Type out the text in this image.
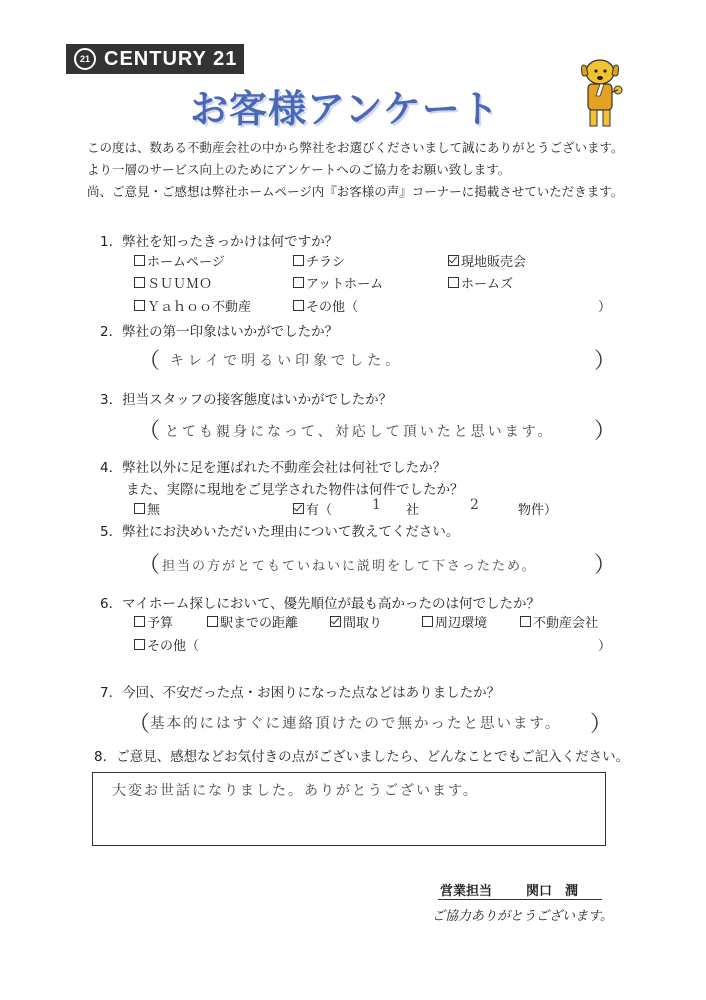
21 CENTURY 21
お客様アンケート
この度は、数ある不動産会社の中から弊社をお選びくださいまして誠にありがとうございます。
より一層のサービス向上のためにアンケートへのご協力をお願い致します。
尚、ご意見・ご感想は弊社ホームページ内『お客様の声』コーナーに掲載させていただきます。
1．弊社を知ったきっかけは何ですか？
ホームページ	チラシ	現地販売会
ＳＵＵＭＯ	アットホーム	ホームズ
Ｙａｈｏｏ不動産	その他（	）
2．弊社の第一印象はいかがでしたか？
（ キレイで明るい印象でした。	）
3．担当スタッフの接客態度はいかがでしたか？
（ とても親身になって、対応して頂いたと思います。 ）
4．弊社以外に足を運ばれた不動産会社は何社でしたか？
また、実際に現地をご見学された物件は何件でしたか？
無	有（	1 社	2	物件）
5．弊社にお決めいただいた理由について教えてください。
（ 担当の方がとてもていねいに説明をして下さったため。	）
6．マイホーム探しにおいて、優先順位が最も高かったのは何でしたか？
予算	駅までの距離	間取り	周辺環境	不動産会社
その他（	）
7．今回、不安だった点・お困りになった点などはありましたか？
（ 基本的にはすぐに連絡頂けたので無かったと思います。 ）
8．ご意見、感想などお気付きの点がございましたら、どんなことでもご記入ください。
大変お世話になりました。ありがとうございます。
営業担当	関口　潤
ご協力ありがとうございます。
